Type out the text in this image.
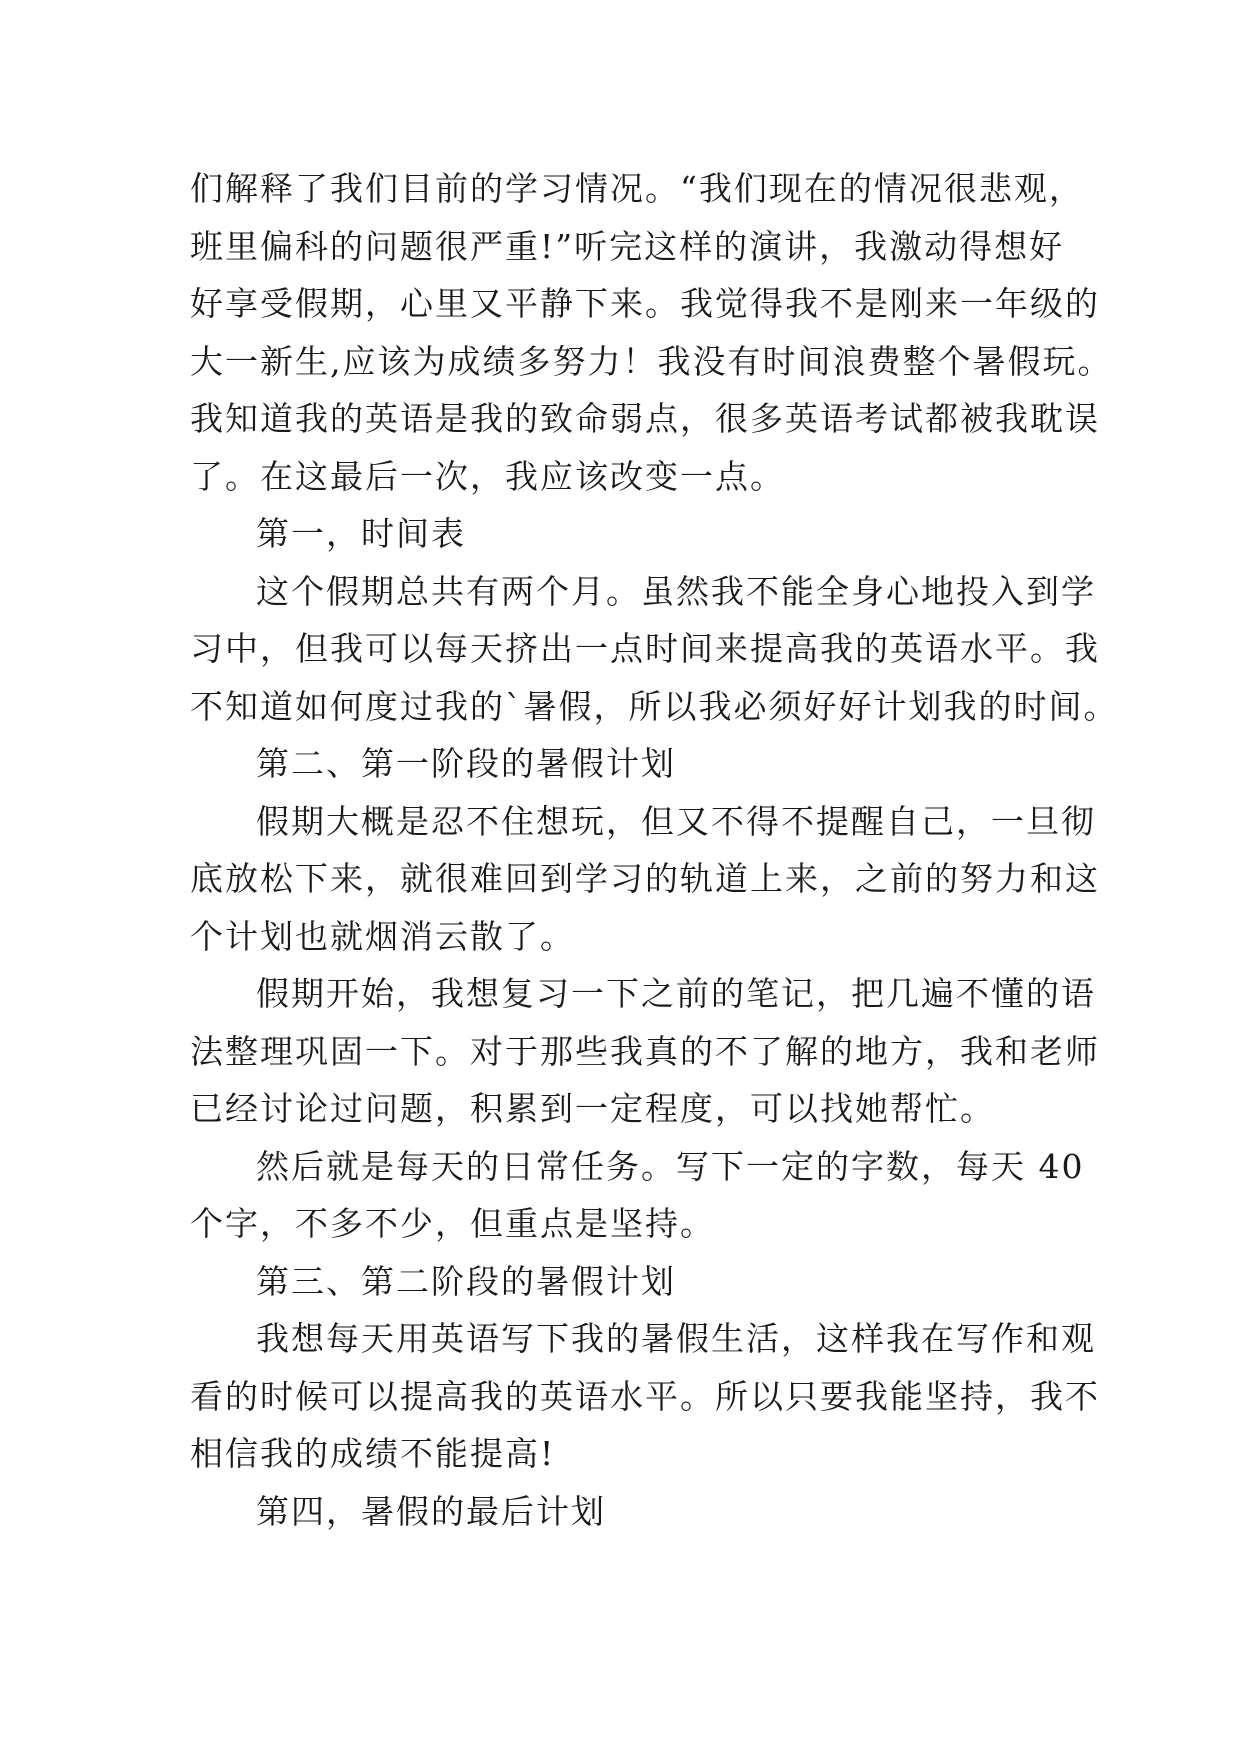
们解释了我们目前的学习情况。“我们现在的情况很悲观，
班里偏科的问题很严重!”听完这样的演讲，我激动得想好
好享受假期，心里又平静下来。我觉得我不是刚来一年级的
大一新生,应该为成绩多努力！我没有时间浪费整个暑假玩。
我知道我的英语是我的致命弱点，很多英语考试都被我耽误
了。在这最后一次，我应该改变一点。
第一，时间表
这个假期总共有两个月。虽然我不能全身心地投入到学
习中，但我可以每天挤出一点时间来提高我的英语水平。我
不知道如何度过我的`暑假，所以我必须好好计划我的时间。
第二、第一阶段的暑假计划
假期大概是忍不住想玩，但又不得不提醒自己，一旦彻
底放松下来，就很难回到学习的轨道上来，之前的努力和这
个计划也就烟消云散了。
假期开始，我想复习一下之前的笔记，把几遍不懂的语
法整理巩固一下。对于那些我真的不了解的地方，我和老师
已经讨论过问题，积累到一定程度，可以找她帮忙。
然后就是每天的日常任务。写下一定的字数，每天 40
个字，不多不少，但重点是坚持。
第三、第二阶段的暑假计划
我想每天用英语写下我的暑假生活，这样我在写作和观
看的时候可以提高我的英语水平。所以只要我能坚持，我不
相信我的成绩不能提高!
第四，暑假的最后计划
